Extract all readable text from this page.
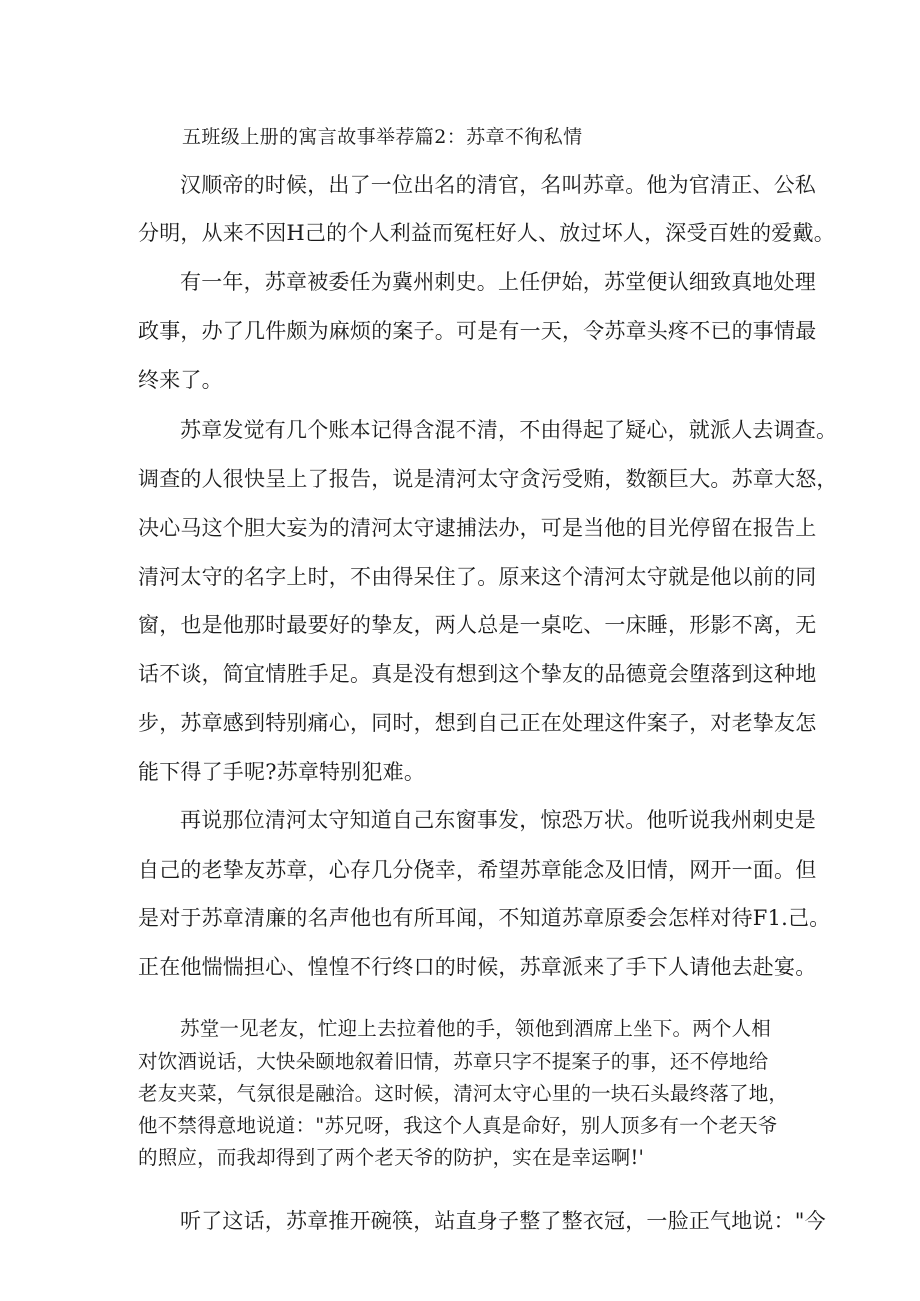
五班级上册的寓言故事举荐篇2：苏章不徇私情

汉顺帝的时候，出了一位出名的清官，名叫苏章。他为官清正、公私

分明，从来不因H己的个人利益而冤枉好人、放过坏人，深受百姓的爱戴。

有一年，苏章被委任为冀州刺史。上任伊始，苏堂便认细致真地处理

政事，办了几件颇为麻烦的案子。可是有一天，令苏章头疼不已的事情最

终来了。

苏章发觉有几个账本记得含混不清，不由得起了疑心，就派人去调查。

调查的人很快呈上了报告，说是清河太守贪污受贿，数额巨大。苏章大怒，

决心马这个胆大妄为的清河太守逮捕法办，可是当他的目光停留在报告上

清河太守的名字上时，不由得呆住了。原来这个清河太守就是他以前的同

窗，也是他那时最要好的挚友，两人总是一桌吃、一床睡，形影不离，无

话不谈，简宜情胜手足。真是没有想到这个挚友的品德竟会堕落到这种地

步，苏章感到特别痛心，同时，想到自己正在处理这件案子，对老挚友怎

能下得了手呢?苏章特别犯难。

再说那位清河太守知道自己东窗事发，惊恐万状。他听说我州刺史是

自己的老挚友苏章，心存几分侥幸，希望苏章能念及旧情，网开一面。但

是对于苏章清廉的名声他也有所耳闻，不知道苏章原委会怎样对待F1.己。

正在他惴惴担心、惶惶不行终口的时候，苏章派来了手下人请他去赴宴。

苏堂一见老友，忙迎上去拉着他的手，领他到酒席上坐下。两个人相

对饮酒说话，大快朵颐地叙着旧情，苏章只字不提案子的事，还不停地给

老友夹菜，气氛很是融洽。这时候，清河太守心里的一块石头最终落了地，

他不禁得意地说道："苏兄呀，我这个人真是命好，别人顶多有一个老天爷

的照应，而我却得到了两个老天爷的防护，实在是幸运啊!'

听了这话，苏章推开碗筷，站直身子整了整衣冠，一脸正气地说："今
